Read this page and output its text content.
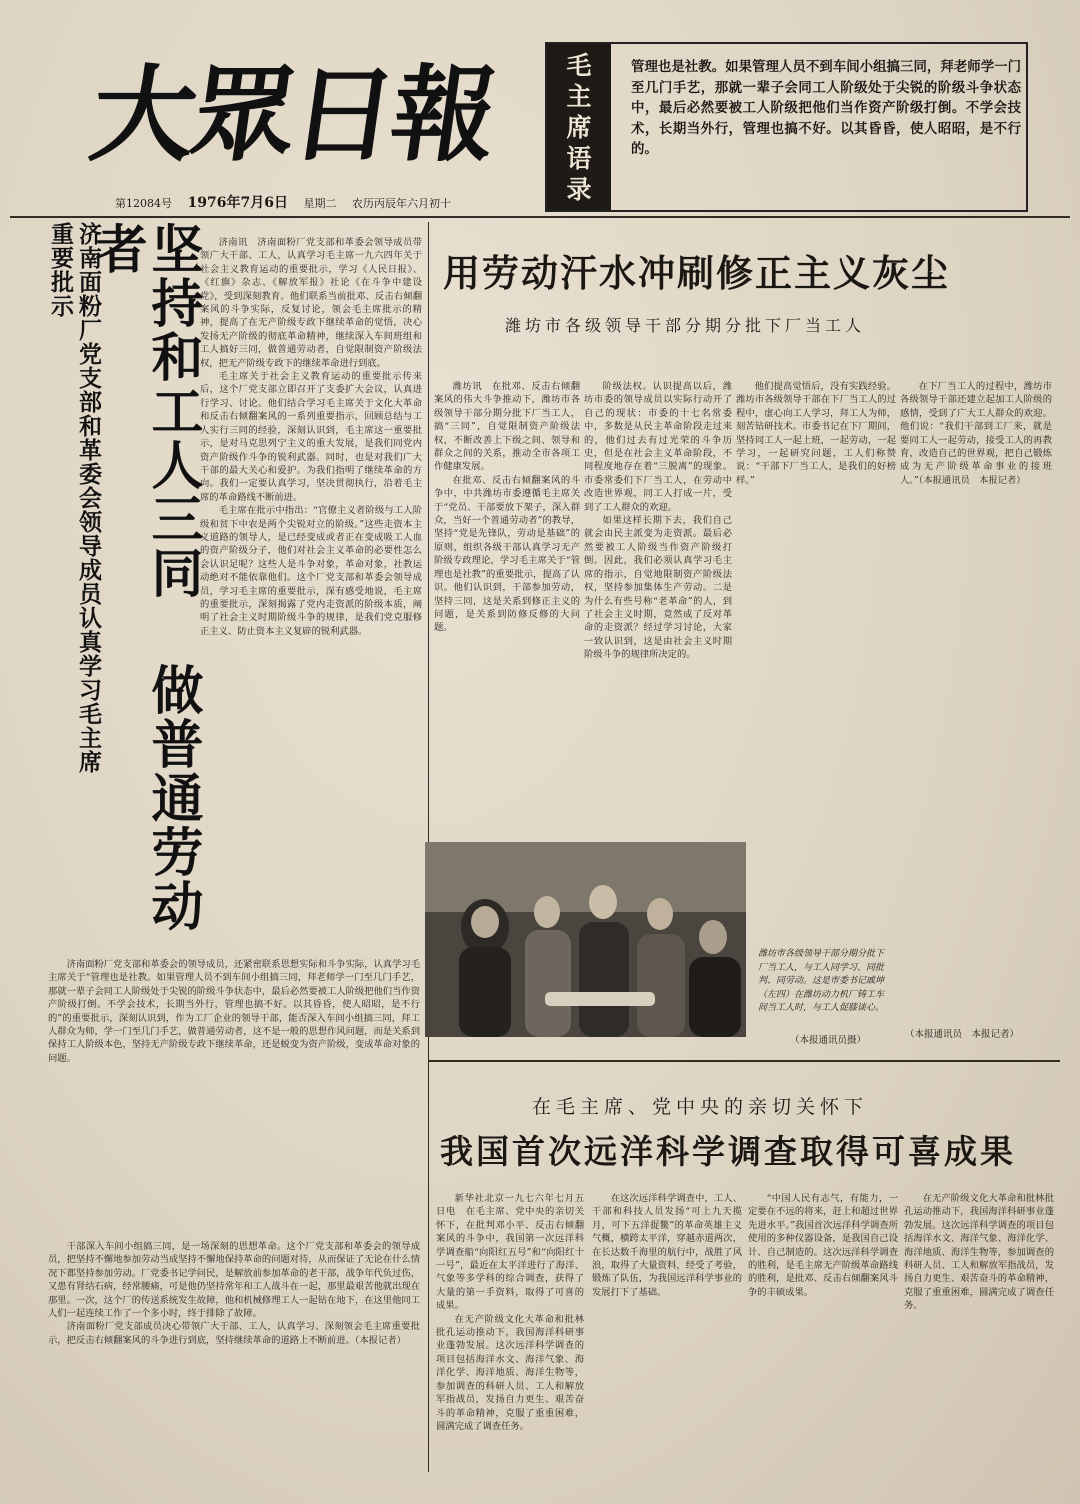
大眾日報
第12084号 1976年7月6日 星期二 农历丙辰年六月初十
毛
主
席
语
录
管理也是社教。如果管理人员不到车间小组搞三同，拜老师学一门至几门手艺，那就一辈子会同工人阶级处于尖锐的阶级斗争状态中，最后必然要被工人阶级把他们当作资产阶级打倒。不学会技术，长期当外行，管理也搞不好。以其昏昏，使人昭昭，是不行的。
坚持和工人三同 做普通劳动者
济南面粉厂党支部和革委会领导成员认真学习毛主席重要批示	济南讯　济南面粉厂党支部和革委会领导成员带领广大干部、工人，认真学习毛主席一九六四年关于社会主义教育运动的重要批示，学习《人民日报》、《红旗》杂志、《解放军报》社论《在斗争中建设党》，受到深刻教育。他们联系当前批邓、反击右倾翻案风的斗争实际，反复讨论，领会毛主席批示的精神，提高了在无产阶级专政下继续革命的觉悟，决心发扬无产阶级的彻底革命精神，继续深入车间班组和工人搞好三同，做普通劳动者，自觉限制资产阶级法权，把无产阶级专政下的继续革命进行到底。

毛主席关于社会主义教育运动的重要批示传来后，这个厂党支部立即召开了支委扩大会议，认真进行学习、讨论。他们结合学习毛主席关于文化大革命和反击右倾翻案风的一系列重要指示，回顾总结与工人实行三同的经验，深刻认识到，毛主席这一重要批示，是对马克思列宁主义的重大发展，是我们同党内资产阶级作斗争的锐利武器。同时，也是对我们广大干部的最大关心和爱护。为我们指明了继续革命的方向。我们一定要认真学习，坚决贯彻执行，沿着毛主席的革命路线不断前进。

毛主席在批示中指出：“官僚主义者阶级与工人阶级和贫下中农是两个尖锐对立的阶级。”这些走资本主义道路的领导人，是已经变成或者正在变成吸工人血的资产阶级分子，他们对社会主义革命的必要性怎么会认识足呢？这些人是斗争对象，革命对象，社教运动绝对不能依靠他们。这个厂党支部和革委会领导成员，学习毛主席的重要批示，深有感受地说，毛主席的重要批示，深刻揭露了党内走资派的阶级本质，阐明了社会主义时期阶级斗争的规律，是我们党克服修正主义、防止资本主义复辟的锐利武器。

济南面粉厂党支部和革委会的领导成员，还紧密联系思想实际和斗争实际，认真学习毛主席关于“管理也是社教。如果管理人员不到车间小组搞三同，拜老师学一门至几门手艺，那就一辈子会同工人阶级处于尖锐的阶级斗争状态中，最后必然要被工人阶级把他们当作资产阶级打倒。不学会技术，长期当外行，管理也搞不好。以其昏昏，使人昭昭，是不行的”的重要批示，深刻认识到，作为工厂企业的领导干部，能否深入车间小组搞三同，拜工人群众为师，学一门至几门手艺，做普通劳动者，这不是一般的思想作风问题，而是关系到保持工人阶级本色，坚持无产阶级专政下继续革命，还是蜕变为资产阶级，变成革命对象的问题。

干部深入车间小组搞三同，是一场深刻的思想革命。这个厂党支部和革委会的领导成员，把坚持不懈地参加劳动当成坚持不懈地保持革命的问题对待，从而保证了无论在什么情况下都坚持参加劳动。厂党委书记学问民，是解放前参加革命的老干部，战争年代负过伤，又患有肾结石病，经常腰痛，可是他仍坚持常年和工人战斗在一起，那里最艰苦他就出现在那里。一次，这个厂的传送系统发生故障，他和机械修理工人一起钻在地下，在这里他同工人们一起连续工作了一个多小时，终于排除了故障。

济南面粉厂党支部成员决心带领广大干部、工人，认真学习、深刻领会毛主席重要批示，把反击右倾翻案风的斗争进行到底，坚持继续革命的道路上不断前进。（本报记者）

用劳动汗水冲刷修正主义灰尘
潍坊市各级领导干部分期分批下厂当工人

潍坊讯　在批邓、反击右倾翻案风的伟大斗争推动下，潍坊市各级领导干部分期分批下厂当工人，搞“三同”，自觉限制资产阶级法权，不断改善上下级之间、领导和群众之间的关系，推动全市各项工作健康发展。

在批邓、反击右倾翻案风的斗争中，中共潍坊市委遵循毛主席关于“党员、干部要放下架子，深入群众，当好一个普通劳动者”的教导，坚持“党是先锋队，劳动是基础”的原则，组织各级干部认真学习无产阶级专政理论，学习毛主席关于“管理也是社教”的重要批示，提高了认识。他们认识到，干部参加劳动，坚持三同，这是关系到修正主义的问题，是关系到防修反修的大问题。

阶级法权。认识提高以后，潍坊市委的领导成员以实际行动开了自己的现状：市委的十七名常委中，多数是从民主革命阶段走过来的，他们过去有过光荣的斗争历史，但是在社会主义革命阶段，不同程度地存在着“三脱离”的现象。市委常委们下厂当工人，在劳动中改造世界观，同工人打成一片，受到了工人群众的欢迎。

如果这样长期下去，我们自己就会由民主派变为走资派。最后必然要被工人阶级当作资产阶级打倒。因此，我们必须认真学习毛主席的指示，自觉地限制资产阶级法权，坚持参加集体生产劳动。二是为什么有些号称“老革命”的人，到了社会主义时期，竟然成了反对革命的走资派？经过学习讨论，大家一致认识到，这是由社会主义时期阶级斗争的规律所决定的。

他们提高觉悟后，没有实践经验。潍坊市各级领导干部在下厂当工人的过程中，虚心向工人学习，拜工人为师，刻苦钻研技术。市委书记在下厂期间，坚持同工人一起上班，一起劳动，一起学习，一起研究问题，工人们称赞说：“干部下厂当工人，是我们的好榜样。”

在下厂当工人的过程中，潍坊市各级领导干部还建立起加工人阶级的感情，受到了广大工人群众的欢迎。他们说：“我们干部到工厂来，就是要同工人一起劳动，接受工人的再教育，改造自己的世界观，把自己锻炼成为无产阶级革命事业的接班人。”（本报通讯员　本报记者）

（本报通讯员　本报记者）
潍坊市各级领导干部分期分批下厂当工人，与工人同学习、同批判、同劳动。这是市委书记戚坤（左四）在潍坊动力机厂铸工车间当工人时，与工人促膝谈心。
（本报通讯员摄）
在毛主席、党中央的亲切关怀下
我国首次远洋科学调查取得可喜成果

新华社北京一九七六年七月五日电　在毛主席、党中央的亲切关怀下，在批判邓小平、反击右倾翻案风的斗争中，我国第一次远洋科学调查船“向阳红五号”和“向阳红十一号”，最近在太平洋进行了海洋、气象等多学科的综合调查，获得了大量的第一手资料，取得了可喜的成果。

在无产阶级文化大革命和批林批孔运动推动下，我国海洋科研事业蓬勃发展。这次远洋科学调查的项目包括海洋水文、海洋气象、海洋化学、海洋地质、海洋生物等，参加调查的科研人员、工人和解放军指战员，发扬自力更生、艰苦奋斗的革命精神，克服了重重困难，圆满完成了调查任务。

在这次远洋科学调查中，工人、干部和科技人员发扬“可上九天揽月，可下五洋捉鳖”的革命英雄主义气概，横跨太平洋，穿越赤道两次，在长达数千海里的航行中，战胜了风浪，取得了大量资料，经受了考验，锻炼了队伍，为我国远洋科学事业的发展打下了基础。

“中国人民有志气，有能力，一定要在不远的将来，赶上和超过世界先进水平。”我国首次远洋科学调查所使用的多种仪器设备，是我国自己设计、自己制造的。这次远洋科学调查的胜利，是毛主席无产阶级革命路线的胜利，是批邓、反击右倾翻案风斗争的丰硕成果。

在无产阶级文化大革命和批林批孔运动推动下，我国海洋科研事业蓬勃发展。这次远洋科学调查的项目包括海洋水文、海洋气象、海洋化学、海洋地质、海洋生物等，参加调查的科研人员、工人和解放军指战员，发扬自力更生、艰苦奋斗的革命精神，克服了重重困难，圆满完成了调查任务。
